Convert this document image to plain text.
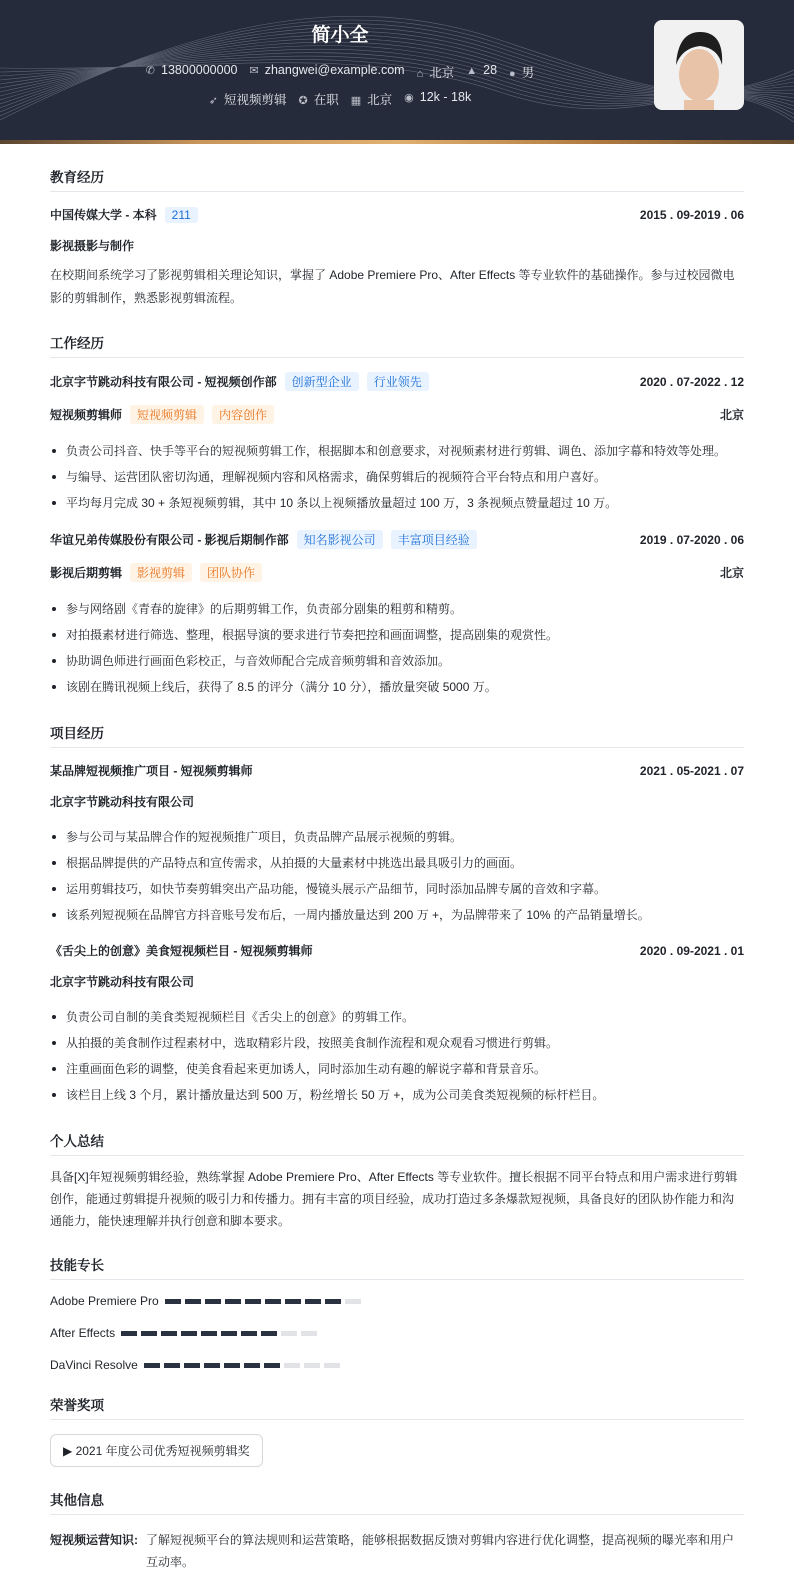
简小全
✆ 13800000000 ✉ zhangwei@example.com ⌂ 北京 ▲ 28 ● 男
➶ 短视频剪辑 ✪ 在职 ▦ 北京 ◉ 12k - 18k
教育经历
中国传媒大学 - 本科	211	2015 . 09-2019 . 06
影视摄影与制作

在校期间系统学习了影视剪辑相关理论知识，掌握了 Adobe Premiere Pro、After Effects 等专业软件的基础操作。参与过校园微电影的剪辑制作，熟悉影视剪辑流程。

工作经历
北京字节跳动科技有限公司 - 短视频创作部	创新型企业	行业领先	2020 . 07-2022 . 12
短视频剪辑师	短视频剪辑	内容创作	北京
负责公司抖音、快手等平台的短视频剪辑工作，根据脚本和创意要求，对视频素材进行剪辑、调色、添加字幕和特效等处理。
与编导、运营团队密切沟通，理解视频内容和风格需求，确保剪辑后的视频符合平台特点和用户喜好。
平均每月完成 30 + 条短视频剪辑，其中 10 条以上视频播放量超过 100 万，3 条视频点赞量超过 10 万。
华谊兄弟传媒股份有限公司 - 影视后期制作部	知名影视公司	丰富项目经验	2019 . 07-2020 . 06
影视后期剪辑	影视剪辑	团队协作	北京
参与网络剧《青春的旋律》的后期剪辑工作，负责部分剧集的粗剪和精剪。
对拍摄素材进行筛选、整理，根据导演的要求进行节奏把控和画面调整，提高剧集的观赏性。
协助调色师进行画面色彩校正，与音效师配合完成音频剪辑和音效添加。
该剧在腾讯视频上线后，获得了 8.5 的评分（满分 10 分），播放量突破 5000 万。
项目经历
某品牌短视频推广项目 - 短视频剪辑师	2021 . 05-2021 . 07
北京字节跳动科技有限公司
参与公司与某品牌合作的短视频推广项目，负责品牌产品展示视频的剪辑。
根据品牌提供的产品特点和宣传需求，从拍摄的大量素材中挑选出最具吸引力的画面。
运用剪辑技巧，如快节奏剪辑突出产品功能，慢镜头展示产品细节，同时添加品牌专属的音效和字幕。
该系列短视频在品牌官方抖音账号发布后，一周内播放量达到 200 万 +，为品牌带来了 10% 的产品销量增长。
《舌尖上的创意》美食短视频栏目 - 短视频剪辑师	2020 . 09-2021 . 01
北京字节跳动科技有限公司
负责公司自制的美食类短视频栏目《舌尖上的创意》的剪辑工作。
从拍摄的美食制作过程素材中，选取精彩片段，按照美食制作流程和观众观看习惯进行剪辑。
注重画面色彩的调整，使美食看起来更加诱人，同时添加生动有趣的解说字幕和背景音乐。
该栏目上线 3 个月，累计播放量达到 500 万，粉丝增长 50 万 +，成为公司美食类短视频的标杆栏目。
个人总结

具备[X]年短视频剪辑经验，熟练掌握 Adobe Premiere Pro、After Effects 等专业软件。擅长根据不同平台特点和用户需求进行剪辑创作，能通过剪辑提升视频的吸引力和传播力。拥有丰富的项目经验，成功打造过多条爆款短视频，具备良好的团队协作能力和沟通能力，能快速理解并执行创意和脚本要求。

技能专长
Adobe Premiere Pro
After Effects
DaVinci Resolve
荣誉奖项
▶ 2021 年度公司优秀短视频剪辑奖
其他信息
短视频运营知识: 了解短视频平台的算法规则和运营策略，能够根据数据反馈对剪辑内容进行优化调整，提高视频的曝光率和用户互动率。
